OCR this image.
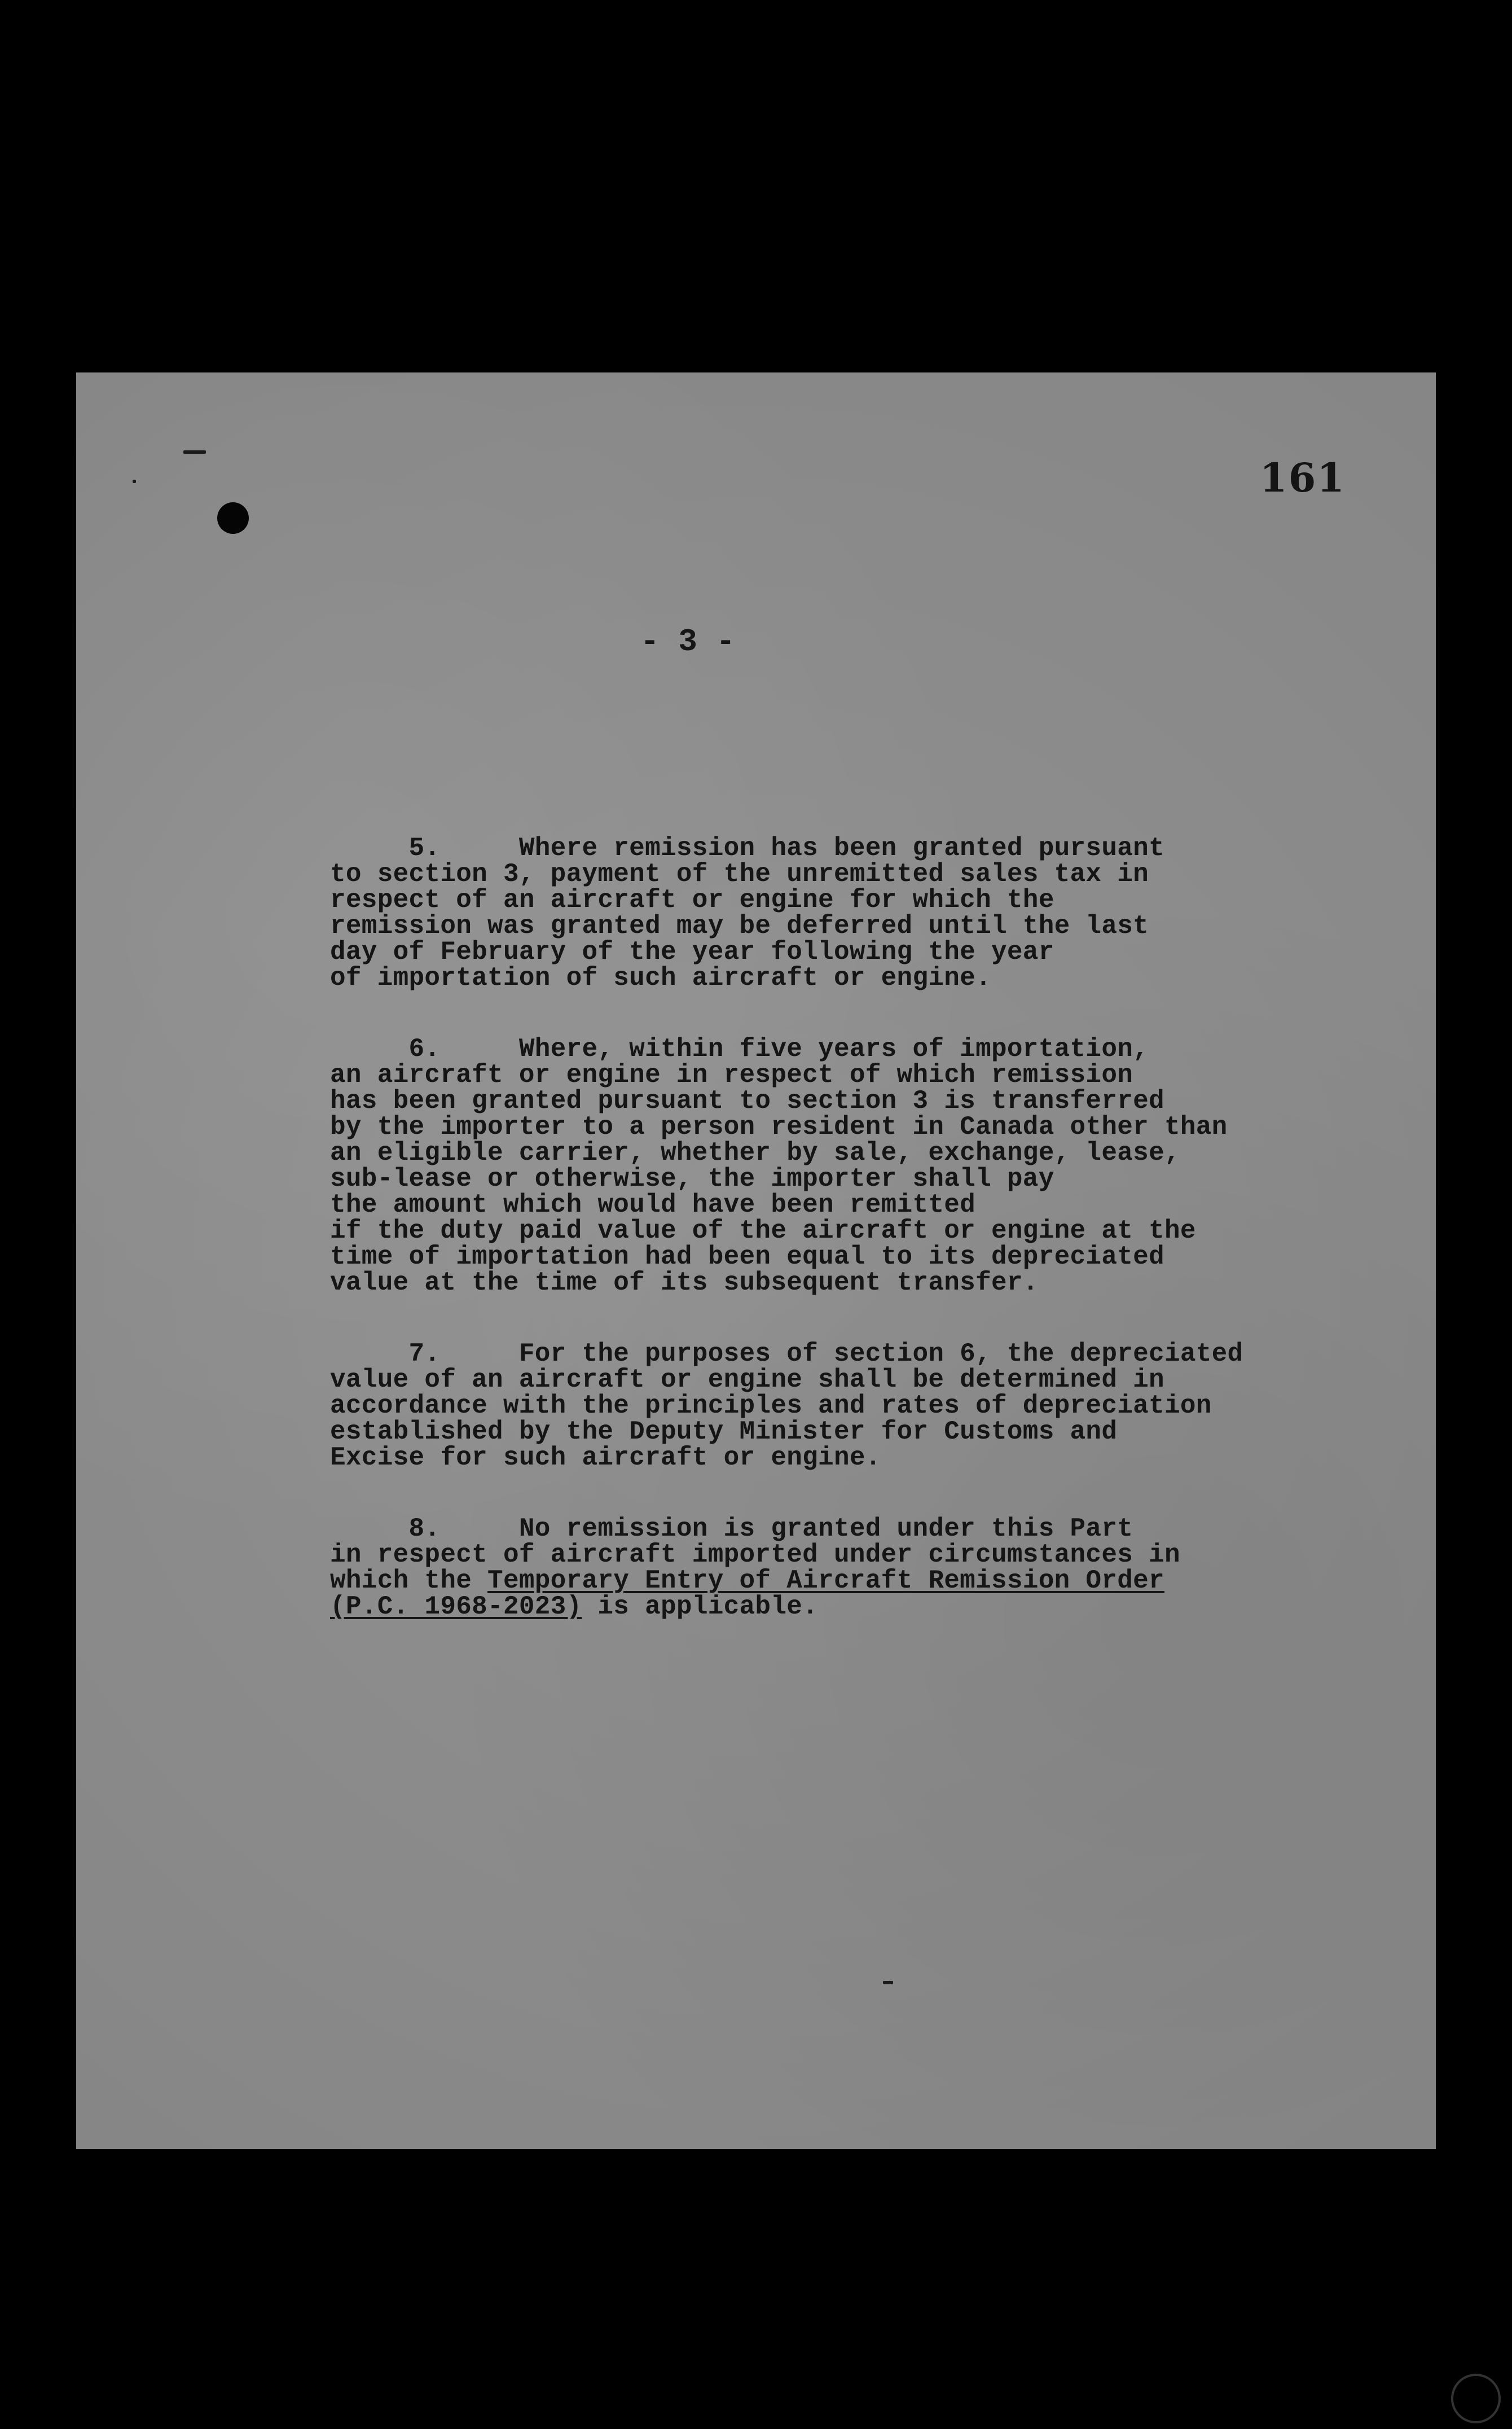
161
- 3 -
5.     Where remission has been granted pursuant
to section 3, payment of the unremitted sales tax in
respect of an aircraft or engine for which the
remission was granted may be deferred until the last
day of February of the year following the year
of importation of such aircraft or engine.
6.     Where, within five years of importation,
an aircraft or engine in respect of which remission
has been granted pursuant to section 3 is transferred
by the importer to a person resident in Canada other than
an eligible carrier, whether by sale, exchange, lease,
sub-lease or otherwise, the importer shall pay
the amount which would have been remitted
if the duty paid value of the aircraft or engine at the
time of importation had been equal to its depreciated
value at the time of its subsequent transfer.
7.     For the purposes of section 6, the depreciated
value of an aircraft or engine shall be determined in
accordance with the principles and rates of depreciation
established by the Deputy Minister for Customs and
Excise for such aircraft or engine.
8.     No remission is granted under this Part
in respect of aircraft imported under circumstances in
which the Temporary Entry of Aircraft Remission Order
(P.C. 1968-2023) is applicable.
